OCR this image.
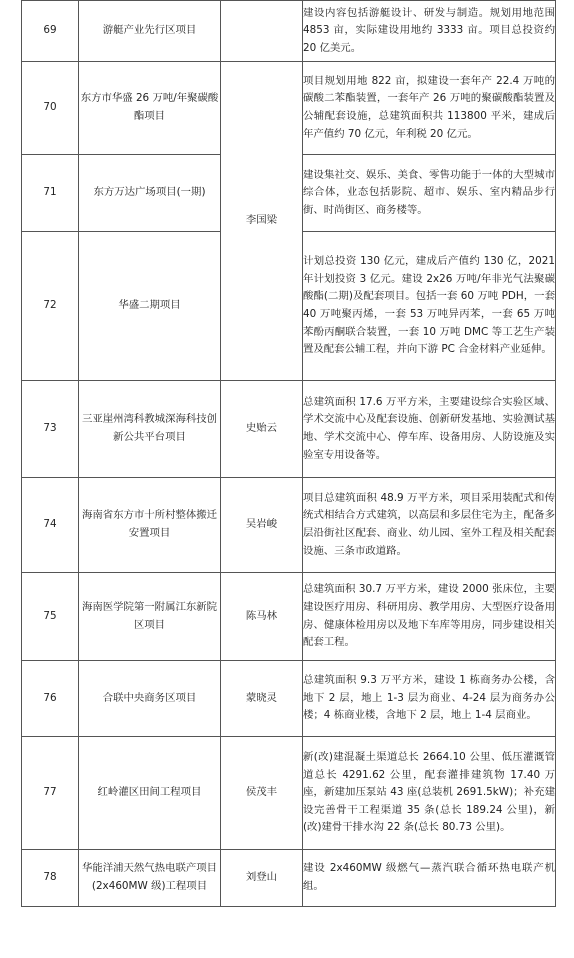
69	游艇产业先行区项目		建设内容包括游艇设计、研发与制造。规划用地范围 4853 亩，实际建设用地约 3333 亩。项目总投资约 20 亿美元。

70	东方市华盛 26 万吨/年聚碳酸酯项目	李国梁	项目规划用地 822 亩，拟建设一套年产 22.4 万吨的碳酸二苯酯装置，一套年产 26 万吨的聚碳酸酯装置及公辅配套设施，总建筑面积共 113800 平米，建成后年产值约 70 亿元，年利税 20 亿元。

71	东方万达广场项目(一期)		建设集社交、娱乐、美食、零售功能于一体的大型城市综合体，业态包括影院、超市、娱乐、室内精品步行街、时尚街区、商务楼等。

72	华盛二期项目		计划总投资 130 亿元，建成后产值约 130 亿，2021 年计划投资 3 亿元。建设 2x26 万吨/年非光气法聚碳酸酯(二期)及配套项目。包括一套 60 万吨 PDH，一套 40 万吨聚丙烯，一套 53 万吨异丙苯，一套 65 万吨苯酚丙酮联合装置，一套 10 万吨 DMC 等工艺生产装置及配套公辅工程，并向下游 PC 合金材料产业延伸。

73	三亚崖州湾科教城深海科技创新公共平台项目	史贻云	总建筑面积 17.6 万平方米，主要建设综合实验区域、学术交流中心及配套设施、创新研发基地、实验测试基地、学术交流中心、停车库、设备用房、人防设施及实验室专用设备等。

74	海南省东方市十所村整体搬迁安置项目	吴岩峻	项目总建筑面积 48.9 万平方米，项目采用装配式和传统式相结合方式建筑，以高层和多层住宅为主，配备多层沿街社区配套、商业、幼儿园、室外工程及相关配套设施、三条市政道路。

75	海南医学院第一附属江东新院区项目	陈马林	总建筑面积 30.7 万平方米，建设 2000 张床位，主要建设医疗用房、科研用房、教学用房、大型医疗设备用房、健康体检用房以及地下车库等用房，同步建设相关配套工程。

76	合联中央商务区项目	蒙晓灵	总建筑面积 9.3 万平方米，建设 1 栋商务办公楼，含地下 2 层，地上 1-3 层为商业、4-24 层为商务办公楼；4 栋商业楼，含地下 2 层，地上 1-4 层商业。

77	红岭灌区田间工程项目	侯茂丰	新(改)建混凝土渠道总长 2664.10 公里、低压灌溉管道总长 4291.62 公里，配套灌排建筑物 17.40 万座，新建加压泵站 43 座(总装机 2691.5kW)；补充建设完善骨干工程渠道 35 条(总长 189.24 公里)，新(改)建骨干排水沟 22 条(总长 80.73 公里)。

78	华能洋浦天然气热电联产项目(2x460MW 级)工程项目	刘登山	建设 2x460MW 级燃气—蒸汽联合循环热电联产机组。
